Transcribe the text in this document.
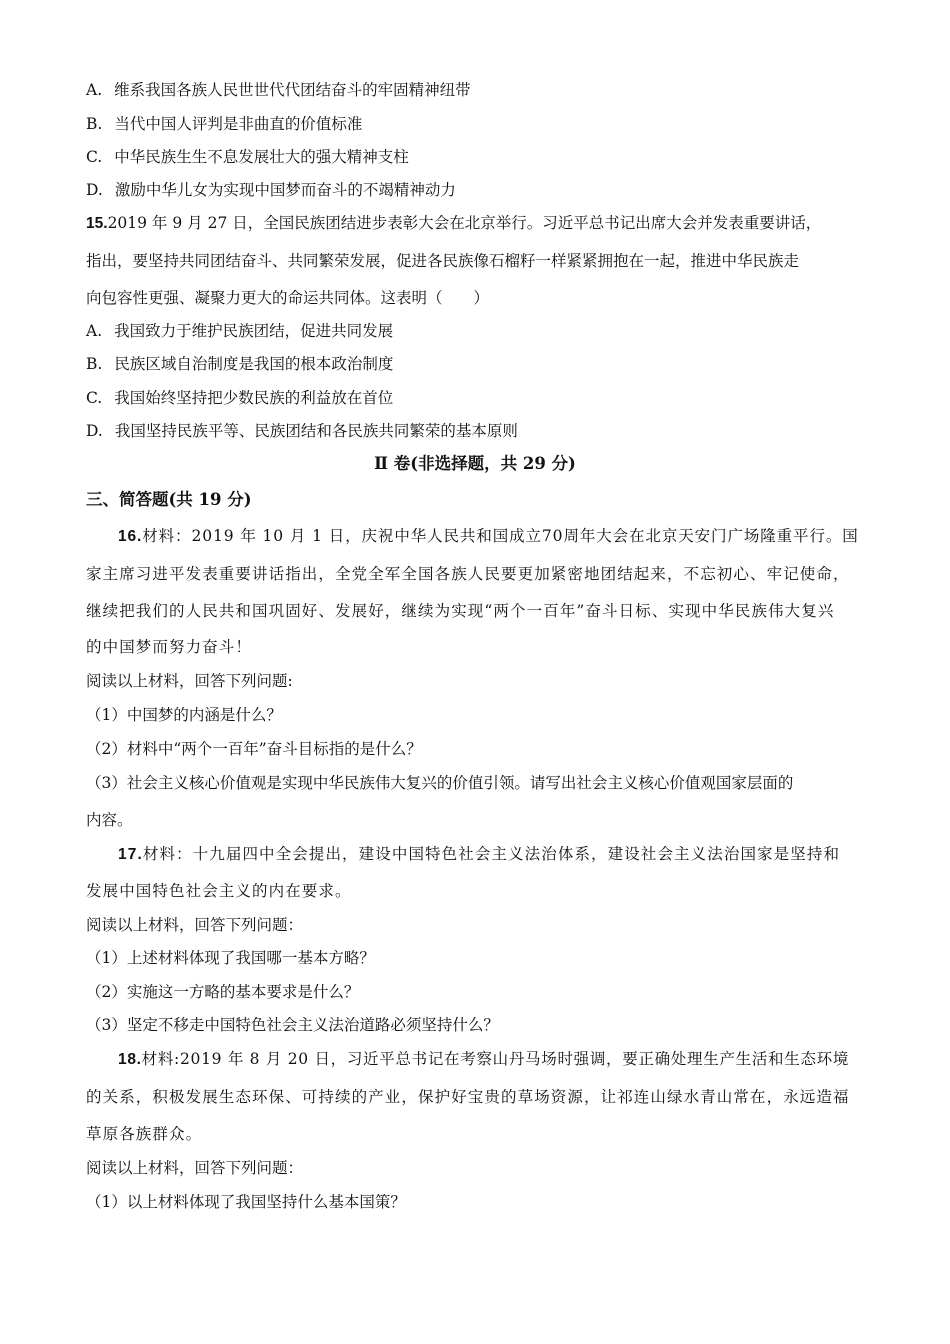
A. 维系我国各族人民世世代代团结奋斗的牢固精神纽带
B. 当代中国人评判是非曲直的价值标准
C. 中华民族生生不息发展壮大的强大精神支柱
D. 激励中华儿女为实现中国梦而奋斗的不竭精神动力
15.2019 年 9 月 27 日，全国民族团结进步表彰大会在北京举行。习近平总书记出席大会并发表重要讲话，
指出，要坚持共同团结奋斗、共同繁荣发展，促进各民族像石榴籽一样紧紧拥抱在一起，推进中华民族走
向包容性更强、凝聚力更大的命运共同体。这表明（　　）
A. 我国致力于维护民族团结，促进共同发展
B. 民族区域自治制度是我国的根本政治制度
C. 我国始终坚持把少数民族的利益放在首位
D. 我国坚持民族平等、民族团结和各民族共同繁荣的基本原则
Ⅱ 卷(非选择题，共 29 分)
三、简答题(共 19 分)
16.材料：2019 年 10 月 1 日，庆祝中华人民共和国成立70周年大会在北京天安门广场隆重平行。国
家主席习进平发表重要讲话指出，全党全军全国各族人民要更加紧密地团结起来，不忘初心、牢记使命，
继续把我们的人民共和国巩固好、发展好，继续为实现“两个一百年”奋斗日标、实现中华民族伟大复兴
的中国梦而努力奋斗！
阅读以上材料，回答下列问题:
（1）中国梦的内涵是什么？
（2）材料中“两个一百年”奋斗目标指的是什么？
（3）社会主义核心价值观是实现中华民族伟大复兴的价值引领。请写出社会主义核心价值观国家层面的
内容。
17.材料：十九届四中全会提出，建设中国特色社会主义法治体系，建设社会主义法治国家是坚持和
发展中国特色社会主义的内在要求。
阅读以上材料，回答下列问题：
（1）上述材料体现了我国哪一基本方略？
（2）实施这一方略的基本要求是什么？
（3）坚定不移走中国特色社会主义法治道路必须坚持什么？
18.材料:2019 年 8 月 20 日，习近平总书记在考察山丹马场时强调，要正确处理生产生活和生态环境
的关系，积极发展生态环保、可持续的产业，保护好宝贵的草场资源，让祁连山绿水青山常在，永远造福
草原各族群众。
阅读以上材料，回答下列问题：
（1）以上材料体现了我国坚持什么基本国策？
